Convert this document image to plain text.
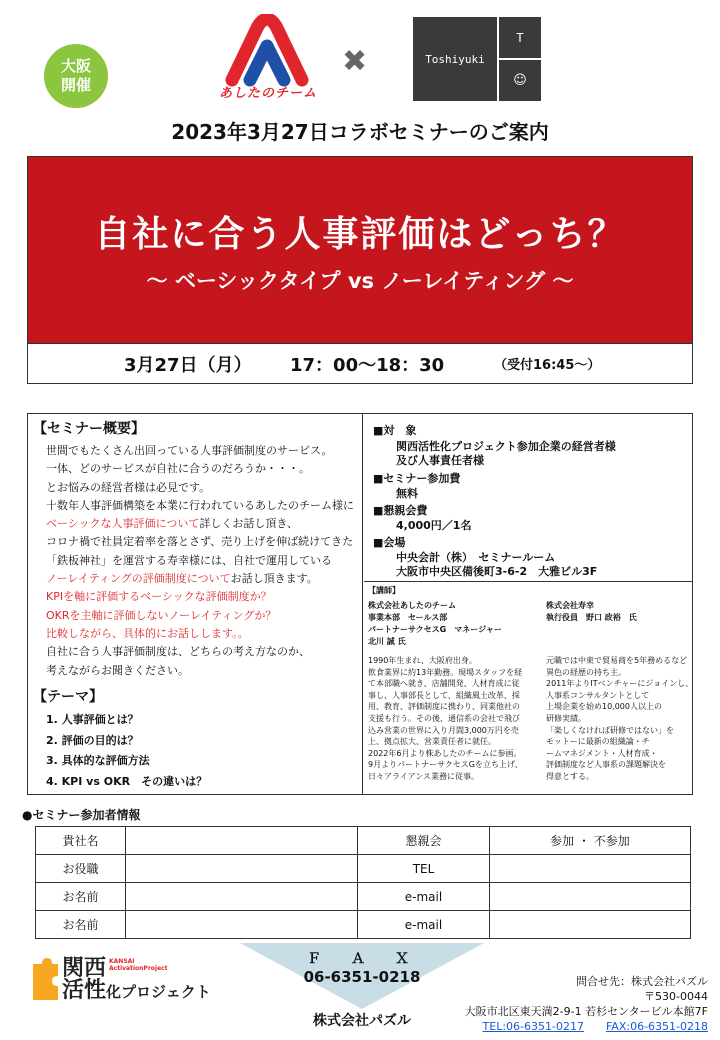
大阪
開催	あしたのチーム
✖	Toshiyuki
T
☺
2023年3月27日コラボセミナーのご案内
自社に合う人事評価はどっち？
～ ベーシックタイプ vs ノーレイティング ～
3月27日（月） 17：00～18：30	（受付16:45～）
【セミナー概要】
世間でもたくさん出回っている人事評価制度のサービス。
一体、どのサービスが自社に合うのだろうか・・・。
とお悩みの経営者様は必見です。
十数年人事評価構築を本業に行われているあしたのチーム様に
ベーシックな人事評価について詳しくお話し頂き、
コロナ禍で社員定着率を落とさず、売り上げを伸ば続けてきた
「鉄板神社」を運営する寿幸様には、自社で運用している
ノーレイティングの評価制度についてお話し頂きます。
KPIを軸に評価するベーシックな評価制度か？
OKRを主軸に評価しないノーレイティングか？
比較しながら、具体的にお話しします。。
自社に合う人事評価制度は、どちらの考え方なのか、
考えながらお聞きください。
【テーマ】
1. 人事評価とは？
2. 評価の目的は？
3. 具体的な評価方法
4. KPI vs OKR　その違いは？
■対　象
関西活性化プロジェクト参加企業の経営者様
及び人事責任者様
■セミナー参加費
無料
■懇親会費
4,000円／1名
■会場
中央会計（株）　セミナールーム
大阪市中央区備後町3-6-2　大雅ビル3F
【講師】
株式会社あしたのチーム
事業本部　セールス部
パートナーサクセスG　マネージャー
北川 誠 氏
1990年生まれ、大阪府出身。
飲食業界に約13年勤務。現場スタッフを経
て本部職へ就き、店舗開発、人材育成に従
事し、人事部長として、組織風土改革、採
用、教育、評価制度に携わり、同業他社の
支援も行う。その後、通信系の会社で飛び
込み営業の世界に入り月間3,000万円を売
上、拠点拡大、営業責任者に就任。
2022年6月より株あしたのチームに参画。
9月よりパートナーサクセスGを立ち上げ、
日々アライアンス業務に従事。
株式会社寿幸
執行役員　野口 政裕　氏
元職では中東で貿易商を5年務めるなど
異色の経歴の持ち主。
2011年よりITベンチャーにジョインし、
人事系コンサルタントとして
上場企業を始め10,000人以上の
研修実績。
「楽しくなければ研修ではない」を
モットーに最新の組織論・チ
ームマネジメント・人材育成・
評価制度など人事系の課題解決を
得意とする。
●セミナー参加者情報
貴社名		懇親会	参加 ・ 不参加
お役職		TEL	
お名前		e-mail	
お名前		e-mail	
関西 KANSAI
ActivationProject
活性化プロジェクト
Ｆ　Ａ　Ｘ
06-6351-0218
株式会社パズル
問合せ先：株式会社パズル
〒530-0044
大阪市北区東天満2-9-1 若杉センタービル本館7F
TEL:06-6351-0217　　 FAX:06-6351-0218
